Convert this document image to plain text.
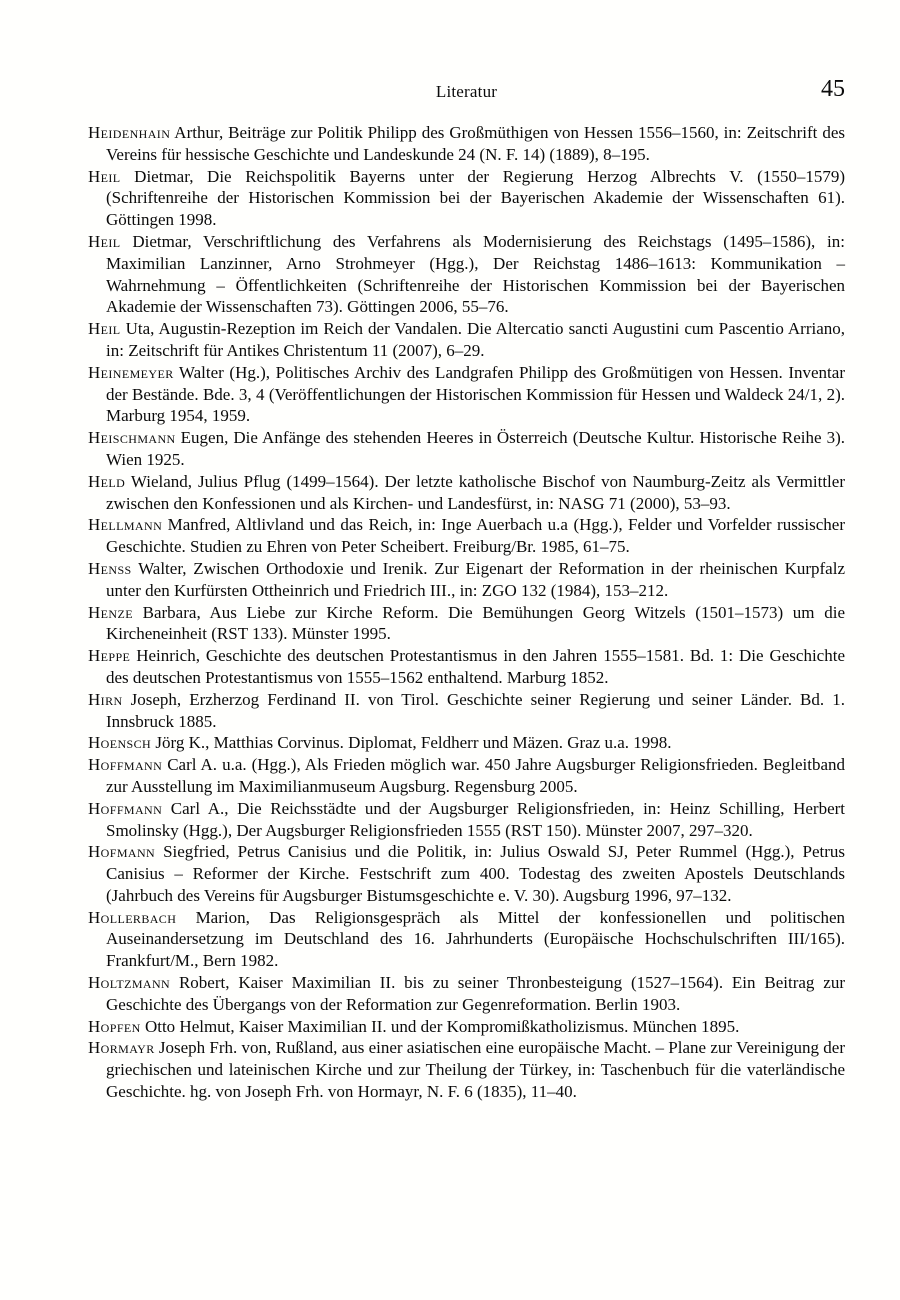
Literatur	45

Heidenhain Arthur, Beiträge zur Politik Philipp des Großmüthigen von Hessen 1556–1560, in: Zeitschrift des Vereins für hessische Geschichte und Landeskunde 24 (N. F. 14) (1889), 8–195.

Heil Dietmar, Die Reichspolitik Bayerns unter der Regierung Herzog Albrechts V. (1550–1579) (Schriftenreihe der Historischen Kommission bei der Bayerischen Akademie der Wissenschaften 61). Göttingen 1998.

Heil Dietmar, Verschriftlichung des Verfahrens als Modernisierung des Reichstags (1495–1586), in: Maximilian Lanzinner, Arno Strohmeyer (Hgg.), Der Reichstag 1486–1613: Kommunikation – Wahrnehmung – Öffentlichkeiten (Schriftenreihe der Historischen Kommission bei der Bayerischen Akademie der Wissenschaften 73). Göttingen 2006, 55–76.

Heil Uta, Augustin-Rezeption im Reich der Vandalen. Die Altercatio sancti Augustini cum Pascentio Arriano, in: Zeitschrift für Antikes Christentum 11 (2007), 6–29.

Heinemeyer Walter (Hg.), Politisches Archiv des Landgrafen Philipp des Großmütigen von Hessen. Inventar der Bestände. Bde. 3, 4 (Veröffentlichungen der Historischen Kommission für Hessen und Waldeck 24/1, 2). Marburg 1954, 1959.

Heischmann Eugen, Die Anfänge des stehenden Heeres in Österreich (Deutsche Kultur. Historische Reihe 3). Wien 1925.

Held Wieland, Julius Pflug (1499–1564). Der letzte katholische Bischof von Naumburg-Zeitz als Vermittler zwischen den Konfessionen und als Kirchen- und Landesfürst, in: NASG 71 (2000), 53–93.

Hellmann Manfred, Altlivland und das Reich, in: Inge Auerbach u.a (Hgg.), Felder und Vorfelder russischer Geschichte. Studien zu Ehren von Peter Scheibert. Freiburg/Br. 1985, 61–75.

Henss Walter, Zwischen Orthodoxie und Irenik. Zur Eigenart der Reformation in der rheinischen Kurpfalz unter den Kurfürsten Ottheinrich und Friedrich III., in: ZGO 132 (1984), 153–212.

Henze Barbara, Aus Liebe zur Kirche Reform. Die Bemühungen Georg Witzels (1501–1573) um die Kircheneinheit (RST 133). Münster 1995.

Heppe Heinrich, Geschichte des deutschen Protestantismus in den Jahren 1555–1581. Bd. 1: Die Geschichte des deutschen Protestantismus von 1555–1562 enthaltend. Marburg 1852.

Hirn Joseph, Erzherzog Ferdinand II. von Tirol. Geschichte seiner Regierung und seiner Länder. Bd. 1. Innsbruck 1885.

Hoensch Jörg K., Matthias Corvinus. Diplomat, Feldherr und Mäzen. Graz u.a. 1998.

Hoffmann Carl A. u.a. (Hgg.), Als Frieden möglich war. 450 Jahre Augsburger Religionsfrieden. Begleitband zur Ausstellung im Maximilianmuseum Augsburg. Regensburg 2005.

Hoffmann Carl A., Die Reichsstädte und der Augsburger Religionsfrieden, in: Heinz Schilling, Herbert Smolinsky (Hgg.), Der Augsburger Religionsfrieden 1555 (RST 150). Münster 2007, 297–320.

Hofmann Siegfried, Petrus Canisius und die Politik, in: Julius Oswald SJ, Peter Rummel (Hgg.), Petrus Canisius – Reformer der Kirche. Festschrift zum 400. Todestag des zweiten Apostels Deutschlands (Jahrbuch des Vereins für Augsburger Bistumsgeschichte e. V. 30). Augsburg 1996, 97–132.

Hollerbach Marion, Das Religionsgespräch als Mittel der konfessionellen und politischen Auseinandersetzung im Deutschland des 16. Jahrhunderts (Europäische Hochschulschriften III/165). Frankfurt/M., Bern 1982.

Holtzmann Robert, Kaiser Maximilian II. bis zu seiner Thronbesteigung (1527–1564). Ein Beitrag zur Geschichte des Übergangs von der Reformation zur Gegenreformation. Berlin 1903.

Hopfen Otto Helmut, Kaiser Maximilian II. und der Kompromißkatholizismus. München 1895.

Hormayr Joseph Frh. von, Rußland, aus einer asiatischen eine europäische Macht. – Plane zur Vereinigung der griechischen und lateinischen Kirche und zur Theilung der Türkey, in: Taschenbuch für die vaterländische Geschichte. hg. von Joseph Frh. von Hormayr, N. F. 6 (1835), 11–40.
